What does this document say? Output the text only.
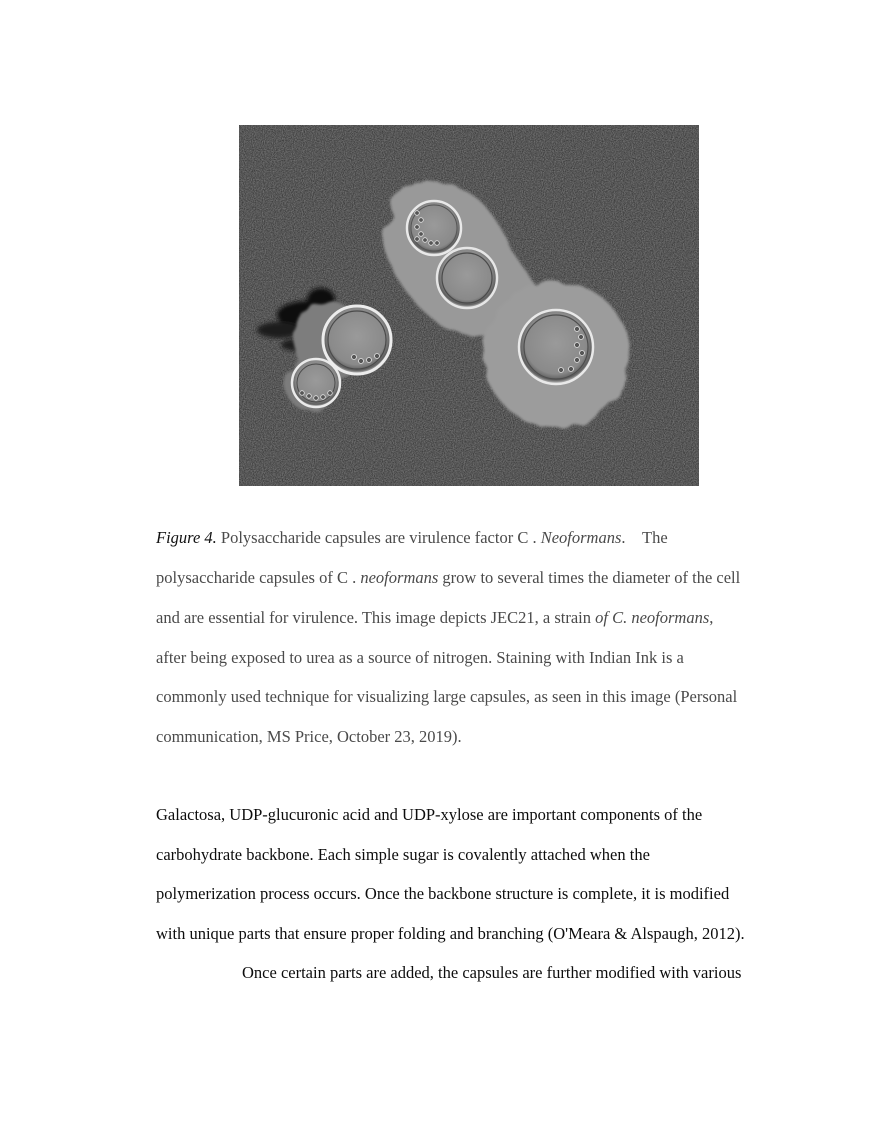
Figure 4. Polysaccharide capsules are virulence factor C . Neoformans. The
polysaccharide capsules of C . neoformans grow to several times the diameter of the cell
and are essential for virulence. This image depicts JEC21, a strain of C. neoformans,
after being exposed to urea as a source of nitrogen. Staining with Indian Ink is a
commonly used technique for visualizing large capsules, as seen in this image (Personal
communication, MS Price, October 23, 2019).
Galactosa, UDP-glucuronic acid and UDP-xylose are important components of the
carbohydrate backbone. Each simple sugar is covalently attached when the
polymerization process occurs. Once the backbone structure is complete, it is modified
with unique parts that ensure proper folding and branching (O'Meara & Alspaugh, 2012).
Once certain parts are added, the capsules are further modified with various
